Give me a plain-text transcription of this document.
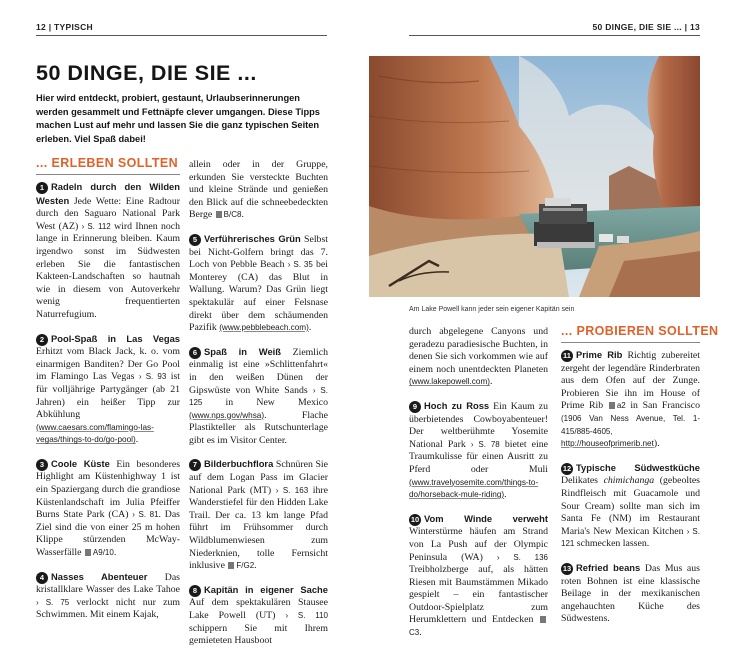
12 | TYPISCH	50 DINGE, DIE SIE ... | 13
50 DINGE, DIE SIE ...

Hier wird entdeckt, probiert, gestaunt, Urlaubserinnerungen werden gesammelt und Fettnäpfe clever umgangen. Diese Tipps machen Lust auf mehr und lassen Sie die ganz typischen Seiten erleben. Viel Spaß dabei!

... ERLEBEN SOLLTEN
... PROBIEREN SOLLTEN

1 Radeln durch den Wilden Westen Jede Wette: Eine Radtour durch den Saguaro National Park West (AZ) › S. 112 wird Ihnen noch lange in Erinnerung bleiben. Kaum irgendwo sonst im Südwesten erleben Sie die fantastischen Kakteen-Landschaften so hautnah wie in diesem von Autoverkehr wenig frequentierten Naturrefugium.

2 Pool-Spaß in Las Vegas Erhitzt vom Black Jack, k. o. vom einarmigen Banditen? Der Go Pool im Flamingo Las Vegas › S. 93 ist für volljährige Partygänger (ab 21 Jahren) ein heißer Tipp zur Abkühlung (www.caesars.com/flamingo-las-vegas/things-to-do/go-pool).

3 Coole Küste Ein besonderes Highlight am Küstenhighway 1 ist ein Spaziergang durch die grandiose Küstenlandschaft im Julia Pfeiffer Burns State Park (CA) › S. 81. Das Ziel sind die von einer 25 m hohen Klippe stürzenden McWay-Wasserfälle A9/10.

4 Nasses Abenteuer Das kristallklare Wasser des Lake Tahoe › S. 75 verlockt nicht nur zum Schwimmen. Mit einem Kajak,

allein oder in der Gruppe, erkunden Sie versteckte Buchten und kleine Strände und genießen den Blick auf die schneebedeckten Berge B/C8.

5 Verführerisches Grün Selbst bei Nicht-Golfern bringt das 7. Loch von Pebble Beach › S. 35 bei Monterey (CA) das Blut in Wallung. Warum? Das Grün liegt spektakulär auf einer Felsnase direkt über dem schäumenden Pazifik (www.pebblebeach.com).

6 Spaß in Weiß Ziemlich einmalig ist eine »Schlittenfahrt« in den weißen Dünen der Gipswüste von White Sands › S. 125 in New Mexico (www.nps.gov/whsa). Flache Plastikteller als Rutschunterlage gibt es im Visitor Center.

7 Bilderbuchflora Schnüren Sie auf dem Logan Pass im Glacier National Park (MT) › S. 163 ihre Wanderstiefel für den Hidden Lake Trail. Der ca. 13 km lange Pfad führt im Frühsommer durch Wildblumenwiesen zum Niederknien, tolle Fernsicht inklusive F/G2.

8 Kapitän in eigener Sache Auf dem spektakulären Stausee Lake Powell (UT) › S. 110 schippern Sie mit Ihrem gemieteten Hausboot

Am Lake Powell kann jeder sein eigener Kapitän sein

durch abgelegene Canyons und geradezu paradiesische Buchten, in denen Sie sich vorkommen wie auf einem noch unentdeckten Planeten (www.lakepowell.com).

9 Hoch zu Ross Ein Kaum zu überbietendes Cowboyabenteuer! Der weltberühmte Yosemite National Park › S. 78 bietet eine Traumkulisse für einen Ausritt zu Pferd oder Muli (www.travelyosemite.com/things-to-do/horseback-mule-riding).

10 Vom Winde verweht Winterstürme häufen am Strand von La Push auf der Olympic Peninsula (WA) › S. 136 Treibholzberge auf, als hätten Riesen mit Baumstämmen Mikado gespielt – ein fantastischer Outdoor-Spielplatz zum Herumklettern und Entdecken C3.

11 Prime Rib Richtig zubereitet zergeht der legendäre Rinderbraten aus dem Ofen auf der Zunge. Probieren Sie ihn im House of Prime Rib a2 in San Francisco (1906 Van Ness Avenue, Tel. 1-415/885-4605, http://houseofprimerib.net).

12 Typische Südwestküche Delikates chimichanga (gebeoltes Rindfleisch mit Guacamole und Sour Cream) sollte man sich im Santa Fe (NM) im Restaurant Maria's New Mexican Kitchen › S. 121 schmecken lassen.

13 Refried beans Das Mus aus roten Bohnen ist eine klassische Beilage in der mexikanischen angehauchten Küche des Südwestens.
